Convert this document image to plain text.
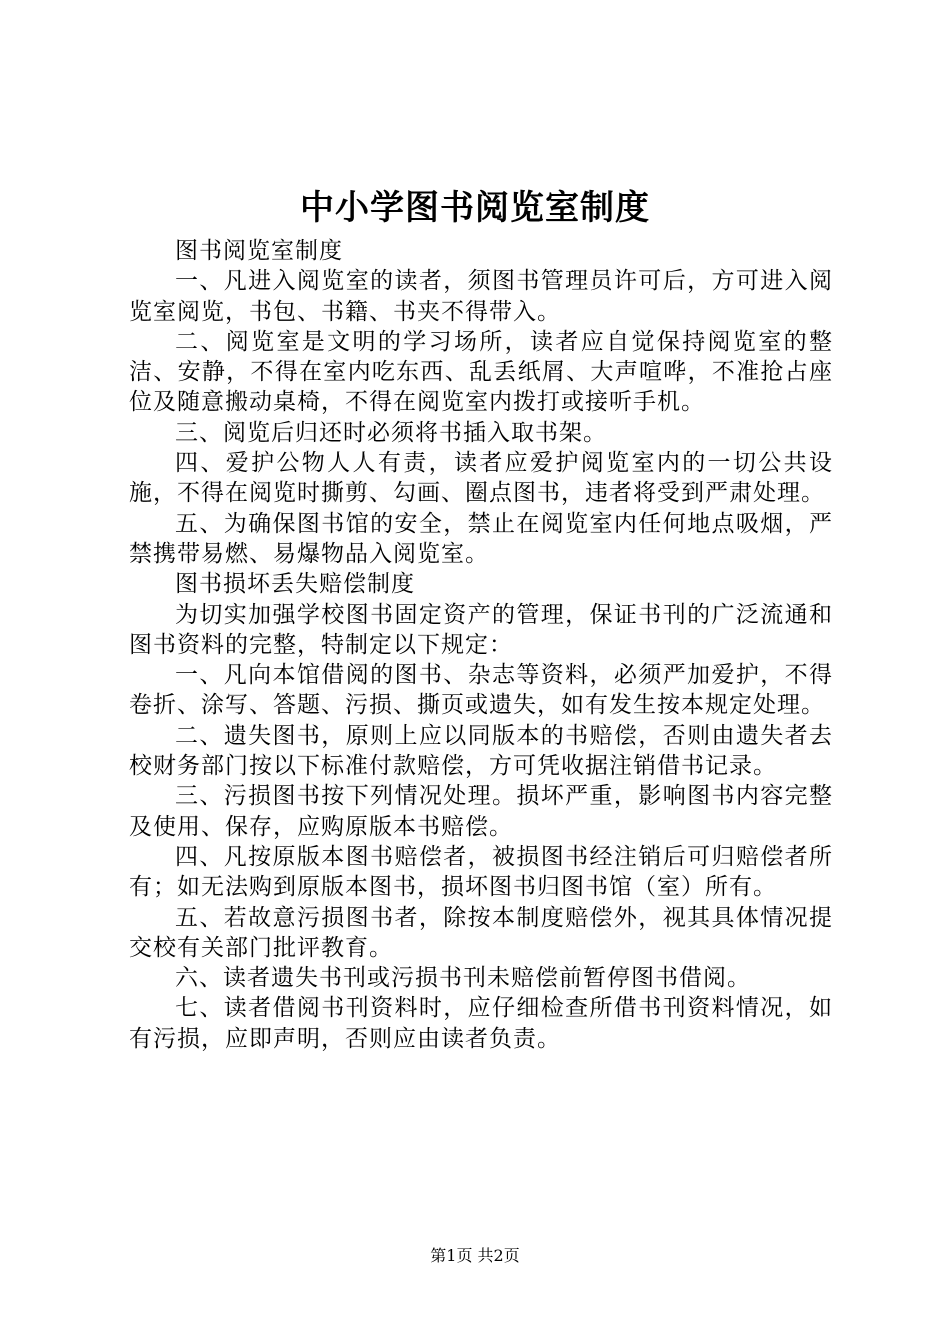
中小学图书阅览室制度

图书阅览室制度

一、凡进入阅览室的读者，须图书管理员许可后，方可进入阅览室阅览，书包、书籍、书夹不得带入。

二、阅览室是文明的学习场所，读者应自觉保持阅览室的整洁、安静，不得在室内吃东西、乱丢纸屑、大声喧哗，不准抢占座位及随意搬动桌椅，不得在阅览室内拨打或接听手机。

三、阅览后归还时必须将书插入取书架。

四、爱护公物人人有责，读者应爱护阅览室内的一切公共设施，不得在阅览时撕剪、勾画、圈点图书，违者将受到严肃处理。

五、为确保图书馆的安全，禁止在阅览室内任何地点吸烟，严禁携带易燃、易爆物品入阅览室。

图书损坏丢失赔偿制度

为切实加强学校图书固定资产的管理，保证书刊的广泛流通和图书资料的完整，特制定以下规定：

一、凡向本馆借阅的图书、杂志等资料，必须严加爱护，不得卷折、涂写、答题、污损、撕页或遗失，如有发生按本规定处理。

二、遗失图书，原则上应以同版本的书赔偿，否则由遗失者去校财务部门按以下标准付款赔偿，方可凭收据注销借书记录。

三、污损图书按下列情况处理。损坏严重，影响图书内容完整及使用、保存，应购原版本书赔偿。

四、凡按原版本图书赔偿者，被损图书经注销后可归赔偿者所有；如无法购到原版本图书，损坏图书归图书馆（室）所有。

五、若故意污损图书者，除按本制度赔偿外，视其具体情况提交校有关部门批评教育。

六、读者遗失书刊或污损书刊未赔偿前暂停图书借阅。

七、读者借阅书刊资料时，应仔细检查所借书刊资料情况，如有污损，应即声明，否则应由读者负责。

第1页 共2页
